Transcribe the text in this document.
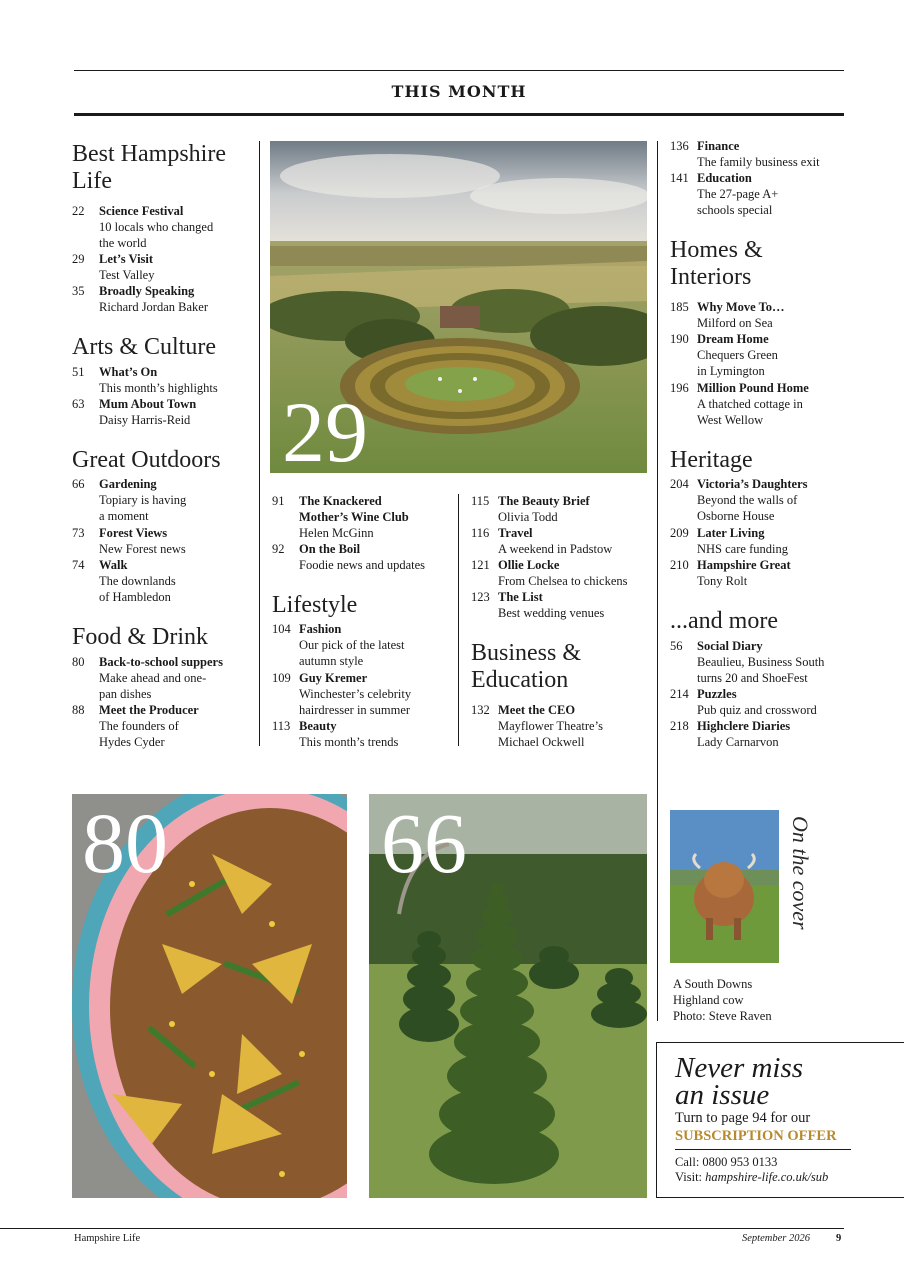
THIS MONTH
Best Hampshire Life
22	Science Festival
10 locals who changed
the world
29	Let’s Visit
Test Valley
35	Broadly Speaking
Richard Jordan Baker
Arts & Culture
51	What’s On
This month’s highlights
63	Mum About Town
Daisy Harris-Reid
Great Outdoors
66	Gardening
Topiary is having
a moment
73	Forest Views
New Forest news
74	Walk
The downlands
of Hambledon
Food & Drink
80	Back-to-school suppers
Make ahead and one-
pan dishes
88	Meet the Producer
The founders of
Hydes Cyder
29
91	The Knackered
Mother’s Wine Club
Helen McGinn
92	On the Boil
Foodie news and updates
Lifestyle
104 Fashion
Our pick of the latest
autumn style
109 Guy Kremer
Winchester’s celebrity
hairdresser in summer
113 Beauty
This month’s trends
115 The Beauty Brief
Olivia Todd
116 Travel
A weekend in Padstow
121 Ollie Locke
From Chelsea to chickens
123 The List
Best wedding venues
Business & Education
132 Meet the CEO
Mayflower Theatre’s
Michael Ockwell
136 Finance
The family business exit
141 Education
The 27-page A+
schools special
Homes & Interiors
185 Why Move To…
Milford on Sea
190 Dream Home
Chequers Green
in Lymington
196 Million Pound Home
A thatched cottage in
West Wellow
Heritage
204 Victoria’s Daughters
Beyond the walls of
Osborne House
209 Later Living
NHS care funding
210 Hampshire Great
Tony Rolt
...and more
56	Social Diary
Beaulieu, Business South
turns 20 and ShoeFest
214 Puzzles
Pub quiz and crossword
218 Highclere Diaries
Lady Carnarvon
80 66	On the cover
A South Downs
Highland cow
Photo: Steve Raven
Never miss
an issue
Turn to page 94 for our
SUBSCRIPTION OFFER
Call: 0800 953 0133
Visit: hampshire-life.co.uk/sub
Hampshire Life	September 2026 9
